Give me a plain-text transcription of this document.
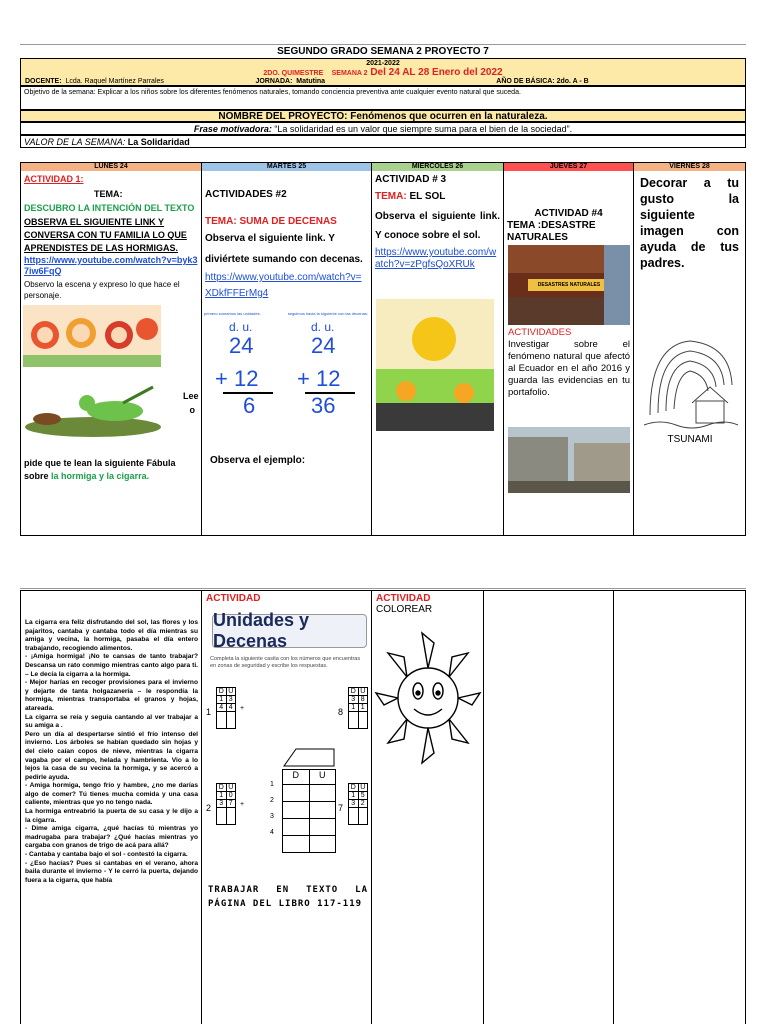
SEGUNDO GRADO SEMANA 2 PROYECTO 7
2021-2022
2DO. QUIMESTRE SEMANA 2 Del 24 AL 28 Enero del 2022
DOCENTE:
Lcda. Raquel Martínez Parrales	JORNADA:
Matutina	AÑO DE BÁSICA: 2do. A - B
Objetivo de la semana: Explicar a los niños sobre los diferentes fenómenos naturales, tomando conciencia preventiva ante cualquier evento natural que suceda.
NOMBRE DEL PROYECTO: Fenómenos que ocurren en la naturaleza.
Frase motivadora: “La solidaridad es un valor que siempre suma para el bien de la sociedad”.
VALOR DE LA SEMANA: La Solidaridad
LUNES 24
ACTIVIDAD 1:
TEMA:
DESCUBRO LA INTENCIÓN DEL TEXTO
OBSERVA EL SIGUIENTE LINK Y CONVERSA CON TU FAMILIA LO QUE APRENDISTES DE LAS HORMIGAS.
https://www.youtube.com/watch?v=byk37iw6FqQ
Observo la escena y expreso lo que hace el personaje.
Lee o
pide que te lean la siguiente Fábula sobre la hormiga y la cigarra.
MARTES 25
ACTIVIDADES #2
TEMA: SUMA DE DECENAS
Observa el siguiente link. Y diviértete sumando con decenas.
https://www.youtube.com/watch?v=XDkfFFErMg4
primero sumamos las unidades.	seguimos hacia la siguiente con las decenas:
d. u.
24
+ 12
6
d. u.
24
+ 12
36
Observa el ejemplo:
MIÉRCOLES 26
ACTIVIDAD # 3
TEMA: EL SOL
Observa el siguiente link. Y conoce sobre el sol.
https://www.youtube.com/watch?v=zPgfsQoXRUk
JUEVES 27
ACTIVIDAD #4
TEMA :DESASTRE NATURALES
DESASTRES NATURALES
ACTIVIDADES
Investigar sobre el fenómeno natural que afectó al Ecuador en el año 2016 y guarda las evidencias en tu portafolio.
VIERNES 28
Decorar a tu gusto la siguiente imagen con ayuda de tus padres.
TSUNAMI
La cigarra era feliz disfrutando del sol, las flores y los pajaritos, cantaba y cantaba todo el día mientras su amiga y vecina, la hormiga, pasaba el día entero trabajando, recogiendo alimentos.
- ¡Amiga hormiga! ¡No te cansas de tanto trabajar? Descansa un rato conmigo mientras canto algo para ti. – Le decía la cigarra a la hormiga.
- Mejor harías en recoger provisiones para el invierno y dejarte de tanta holgazanería – le respondía la hormiga, mientras transportaba el granos y hojas, atareada.
La cigarra se reía y seguía cantando al ver trabajar a su amiga a .
Pero un día al despertarse sintió el frío intenso del invierno. Los árboles se habían quedado sin hojas y del cielo caían copos de nieve, mientras la cigarra vagaba por el campo, helada y hambrienta. Vio a lo lejos la casa de su vecina la hormiga, y se acercó a pedirle ayuda.
- Amiga hormiga, tengo frío y hambre, ¿no me darías algo de comer? Tú tienes mucha comida y una casa caliente, mientras que yo no tengo nada.
La hormiga entreabrió la puerta de su casa y le dijo a la cigarra.
- Dime amiga cigarra, ¿qué hacías tú mientras yo madrugaba para trabajar? ¿Qué hacías mientras yo cargaba con granos de trigo de acá para allá?
- Cantaba y cantaba bajo el sol - contestó la cigarra.
- ¿Eso hacías? Pues si cantabas en el verano, ahora baila durante el invierno - Y le cerró la puerta, dejando fuera a la cigarra, que había
ACTIVIDAD
Unidades y Decenas
Completa la siguiente casita con los números que encuentras en zonas de seguridad y escribe los respuestas.
1
D U
1 3
4 4	+
2
D U
1 0
3 7	+
D	U
1
2
3
4
8
D U
3 8
1 1
7
D U
1 5
3 2
TRABAJAR EN TEXTO LA PÁGINA DEL LIBRO 117-119
ACTIVIDAD
COLOREAR
